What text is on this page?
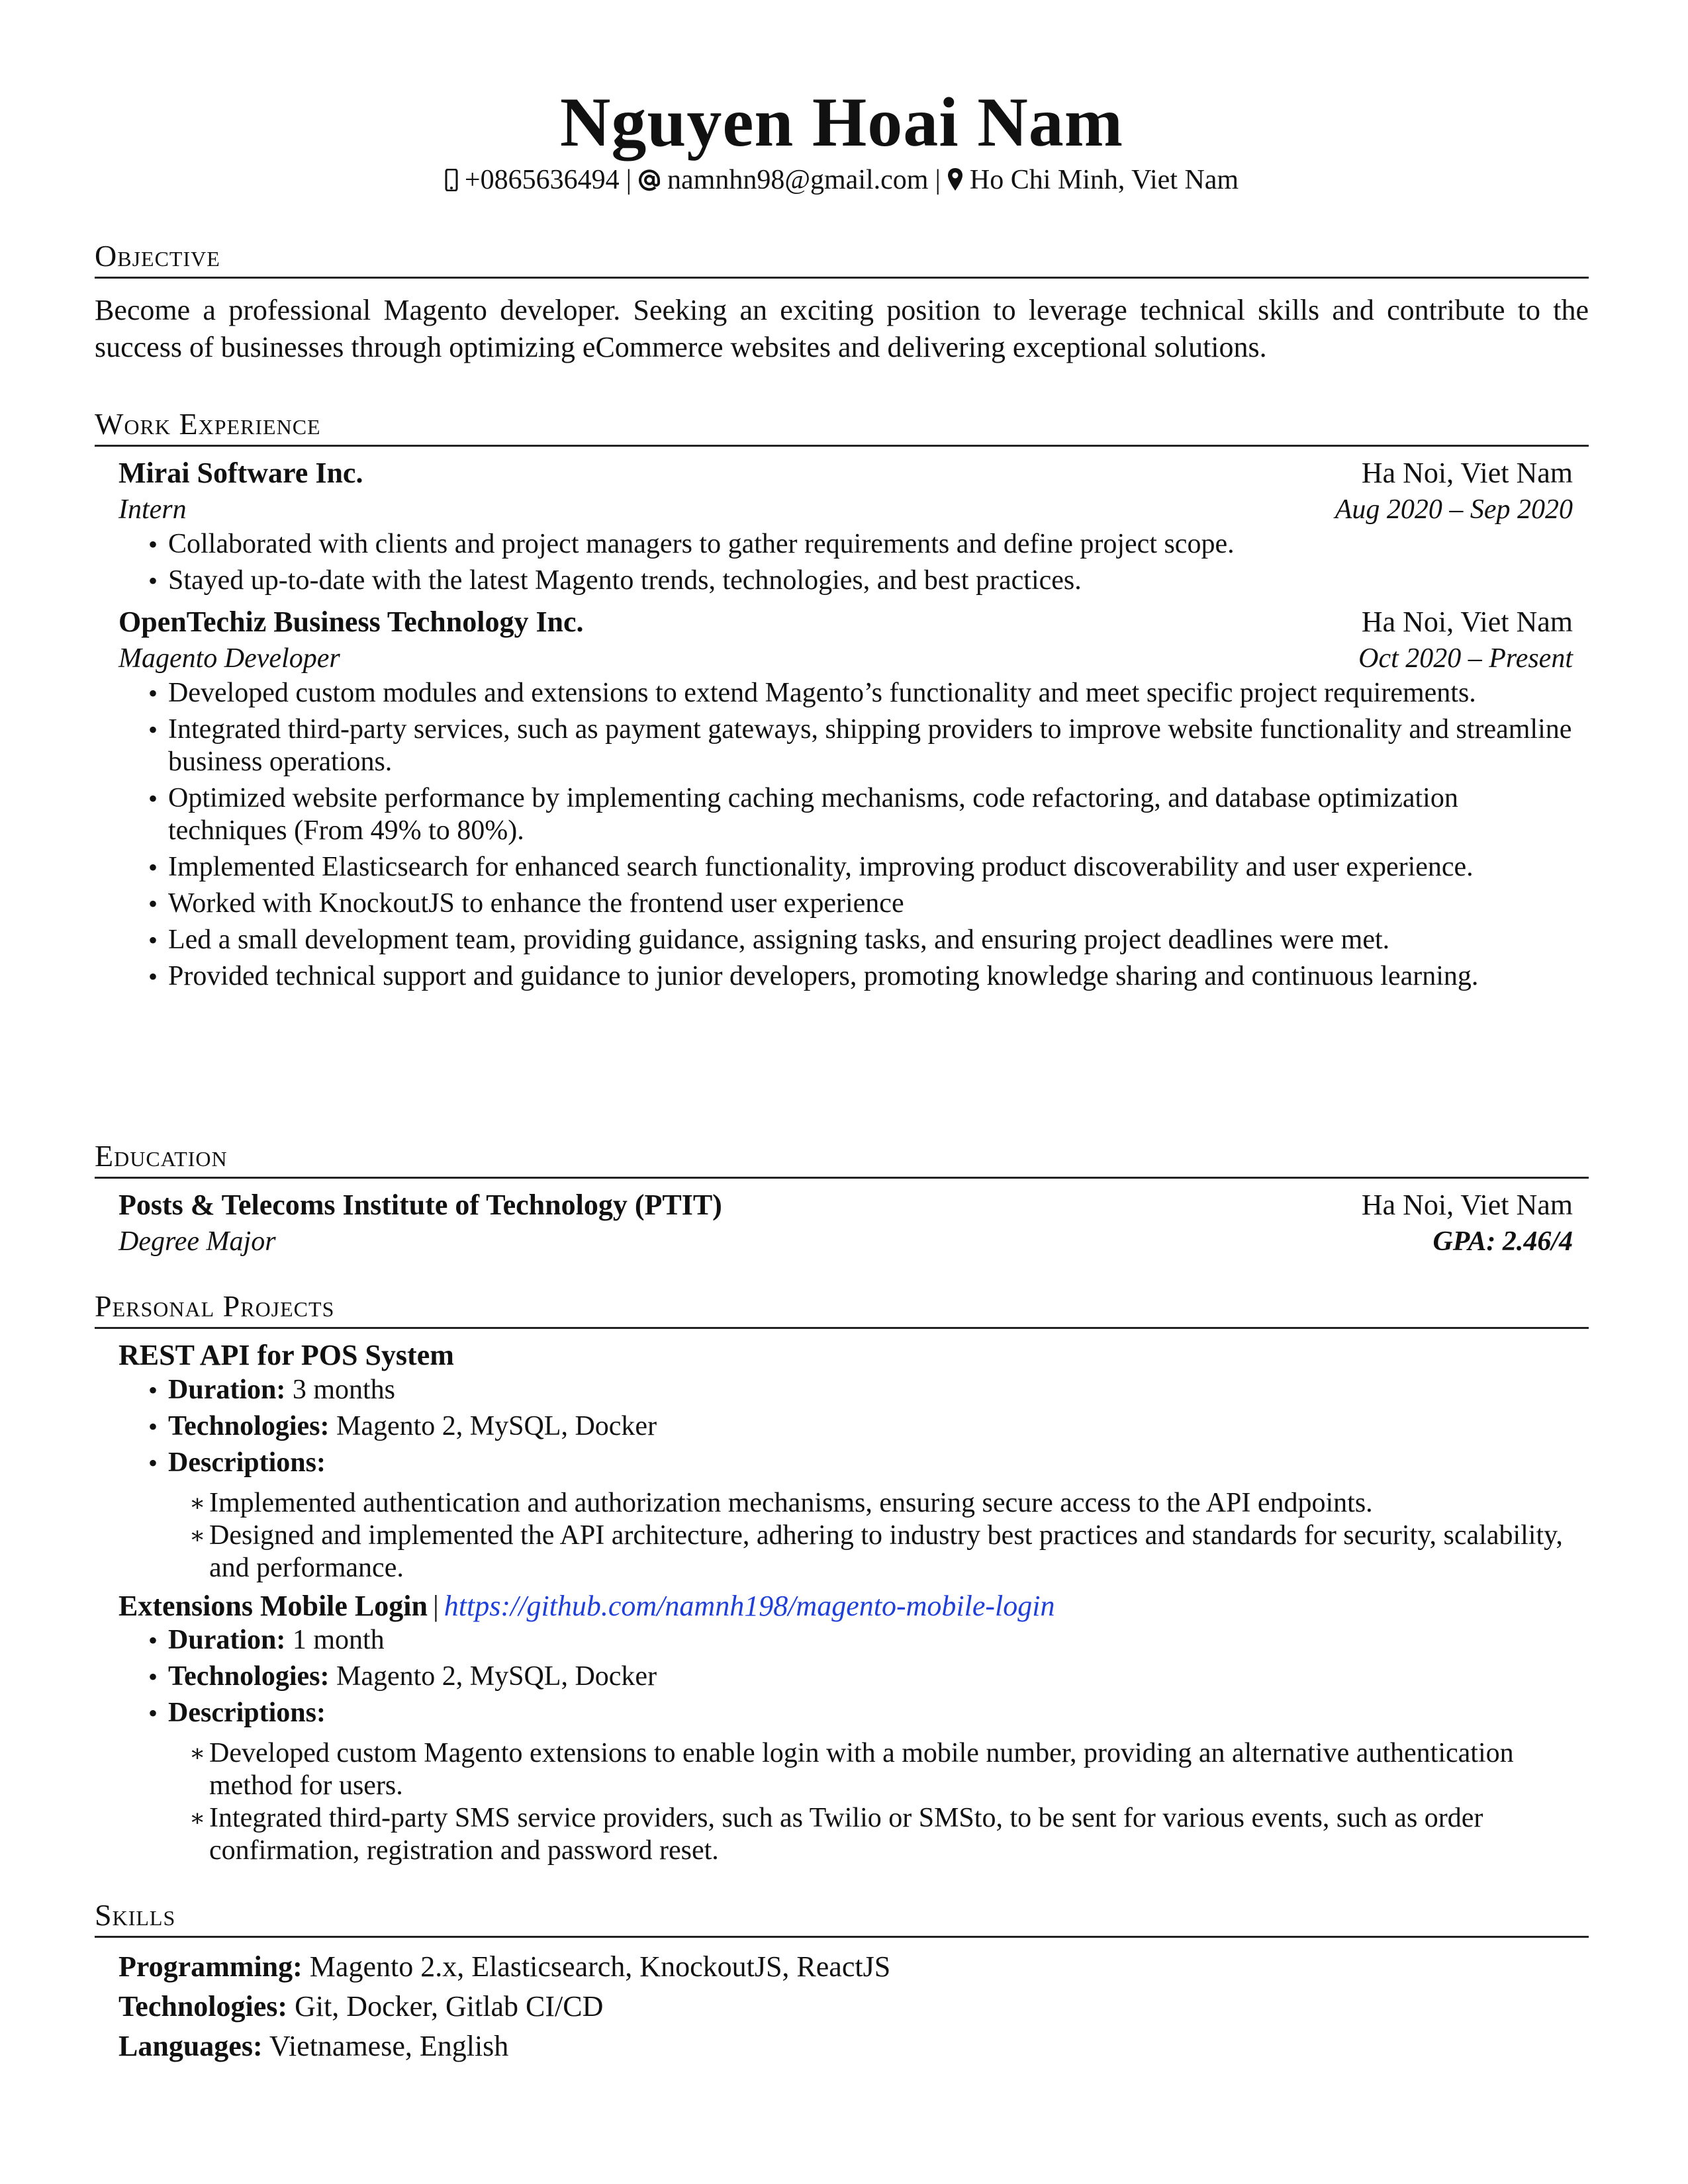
Nguyen Hoai Nam
+0865636494 | namnhn98@gmail.com | Ho Chi Minh, Viet Nam
Objective
Become a professional Magento developer. Seeking an exciting position to leverage technical skills and contribute to the success of businesses through optimizing eCommerce websites and delivering exceptional solutions.
Work Experience
Mirai Software Inc.	Ha Noi, Viet Nam
Intern	Aug 2020 – Sep 2020
• Collaborated with clients and project managers to gather requirements and define project scope.
• Stayed up-to-date with the latest Magento trends, technologies, and best practices.
OpenTechiz Business Technology Inc.	Ha Noi, Viet Nam
Magento Developer	Oct 2020 – Present
• Developed custom modules and extensions to extend Magento’s functionality and meet specific project requirements.
• Integrated third-party services, such as payment gateways, shipping providers to improve website functionality and streamline business operations.
• Optimized website performance by implementing caching mechanisms, code refactoring, and database optimization techniques (From 49% to 80%).
• Implemented Elasticsearch for enhanced search functionality, improving product discoverability and user experience.
• Worked with KnockoutJS to enhance the frontend user experience
• Led a small development team, providing guidance, assigning tasks, and ensuring project deadlines were met.
• Provided technical support and guidance to junior developers, promoting knowledge sharing and continuous learning.
Education
Posts & Telecoms Institute of Technology (PTIT)	Ha Noi, Viet Nam
Degree Major	GPA: 2.46/4
Personal Projects
REST API for POS System
• Duration: 3 months
• Technologies: Magento 2, MySQL, Docker
• Descriptions:
∗ Implemented authentication and authorization mechanisms, ensuring secure access to the API endpoints.
∗ Designed and implemented the API architecture, adhering to industry best practices and standards for security, scalability, and performance.
Extensions Mobile Login | https://github.com/namnh198/magento-mobile-login
• Duration: 1 month
• Technologies: Magento 2, MySQL, Docker
• Descriptions:
∗ Developed custom Magento extensions to enable login with a mobile number, providing an alternative authentication method for users.
∗ Integrated third-party SMS service providers, such as Twilio or SMSto, to be sent for various events, such as order confirmation, registration and password reset.
Skills
Programming: Magento 2.x, Elasticsearch, KnockoutJS, ReactJS
Technologies: Git, Docker, Gitlab CI/CD
Languages: Vietnamese, English
